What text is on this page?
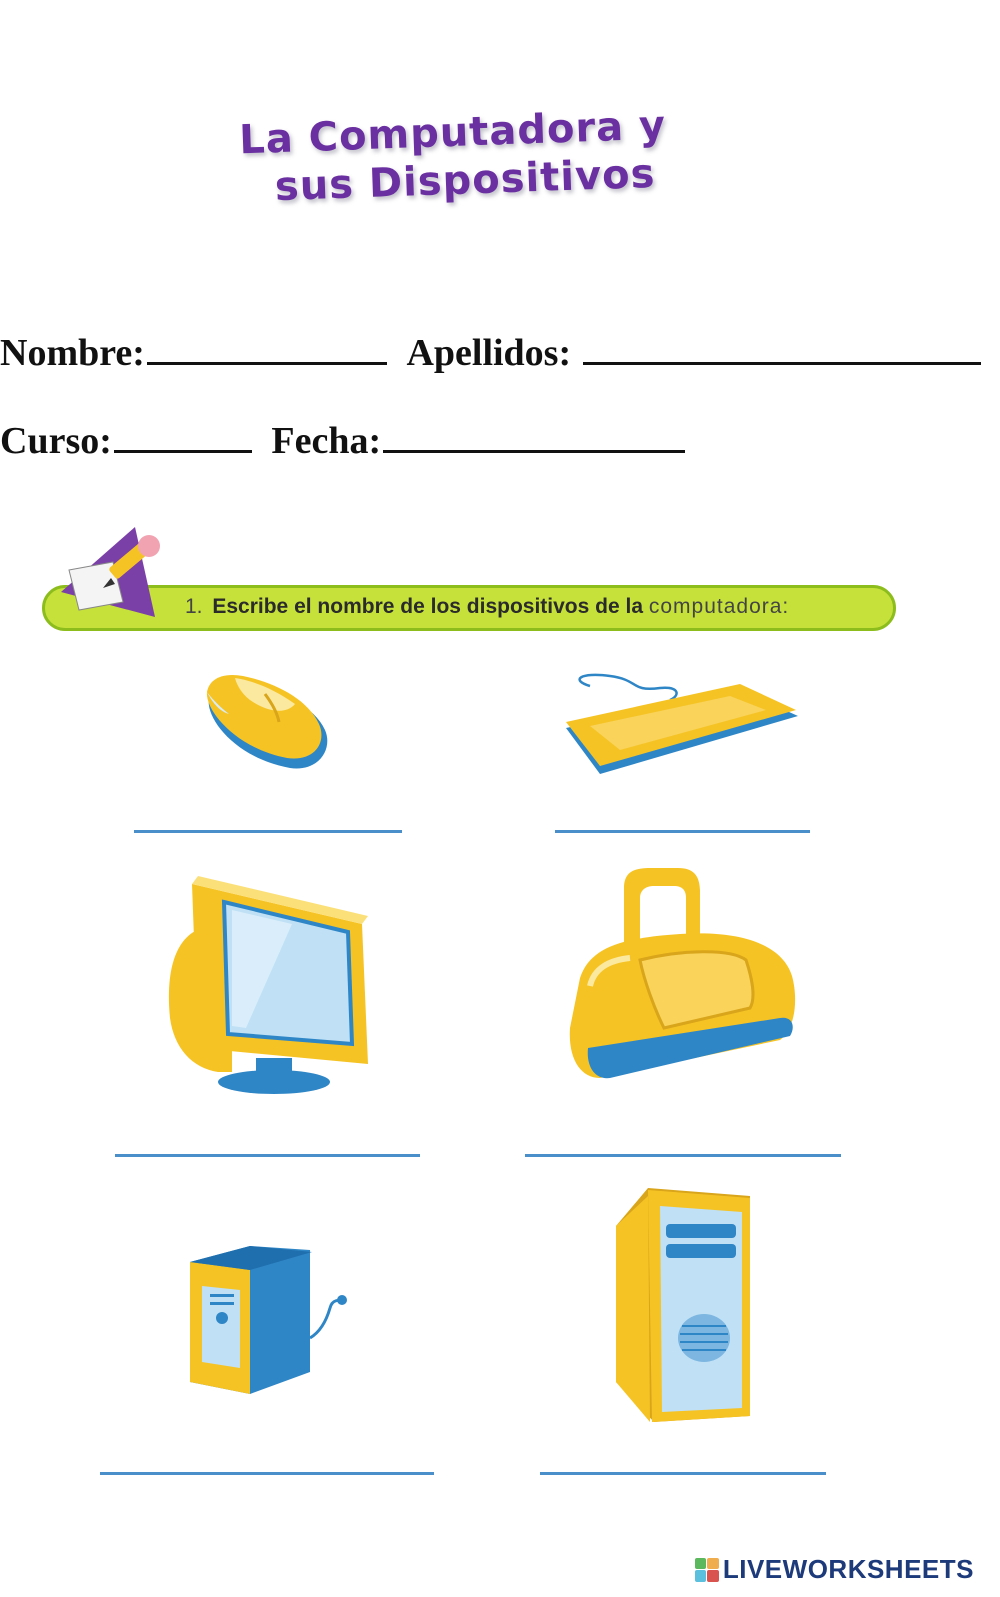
La Computadora y
sus Dispositivos
Nombre:	Apellidos:
Curso:	Fecha:
1. Escribe el nombre de los dispositivos de la computadora:
LIVEWORKSHEETS
